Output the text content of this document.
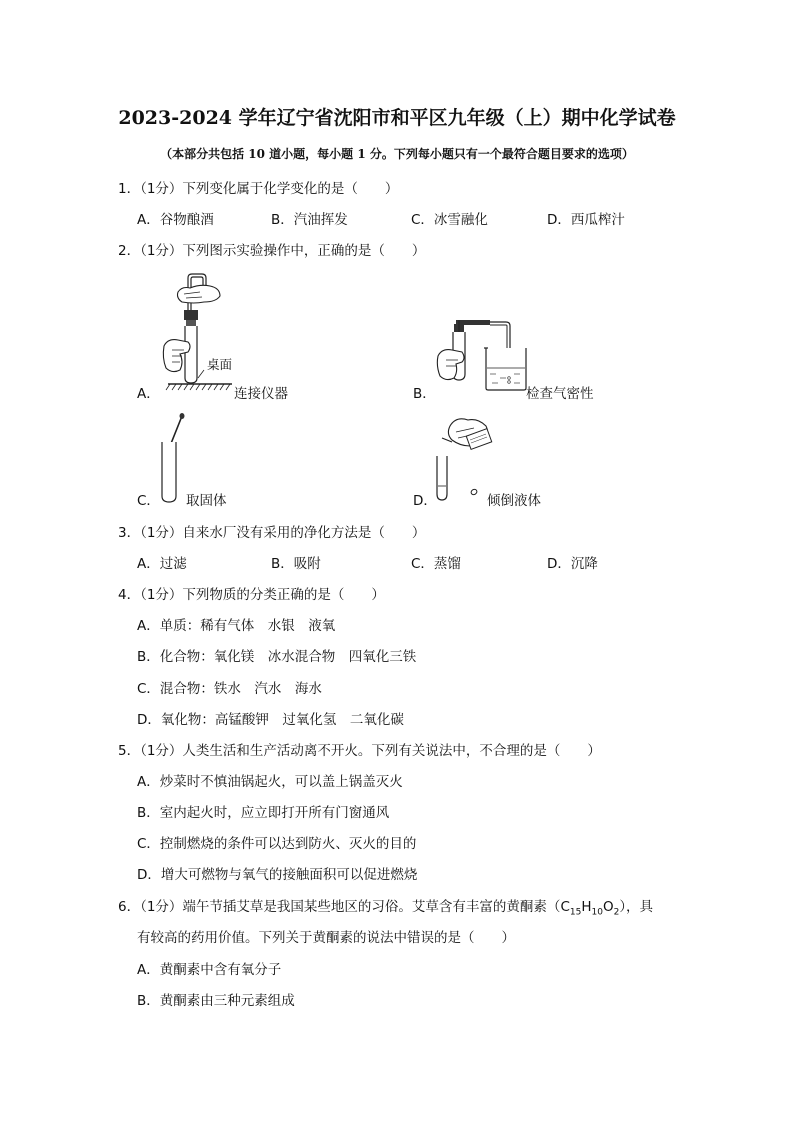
2023-2024 学年辽宁省沈阳市和平区九年级（上）期中化学试卷
（本部分共包括 10 道小题，每小题 1 分。下列每小题只有一个最符合题目要求的选项）
1．（1分）下列变化属于化学变化的是（　　）
A．谷物酿酒	B．汽油挥发	C．冰雪融化	D．西瓜榨汁
2．（1分）下列图示实验操作中，正确的是（　　）
桌面
A．	连接仪器	B．	检查气密性
C． 取固体	D．	倾倒液体
3．（1分）自来水厂没有采用的净化方法是（　　）
A．过滤	B．吸附	C．蒸馏	D．沉降
4．（1分）下列物质的分类正确的是（　　）
A．单质：稀有气体　水银　液氧
B．化合物：氧化镁　冰水混合物　四氧化三铁
C．混合物：铁水　汽水　海水
D．氧化物：高锰酸钾　过氧化氢　二氧化碳
5．（1分）人类生活和生产活动离不开火。下列有关说法中，不合理的是（　　）
A．炒菜时不慎油锅起火，可以盖上锅盖灭火
B．室内起火时，应立即打开所有门窗通风
C．控制燃烧的条件可以达到防火、灭火的目的
D．增大可燃物与氧气的接触面积可以促进燃烧
6．（1分）端午节插艾草是我国某些地区的习俗。艾草含有丰富的黄酮素$(C_{15}H_{10}O_2)$，具
有较高的药用价值。下列关于黄酮素的说法中错误的是（　　）
A．黄酮素中含有氧分子
B．黄酮素由三种元素组成
